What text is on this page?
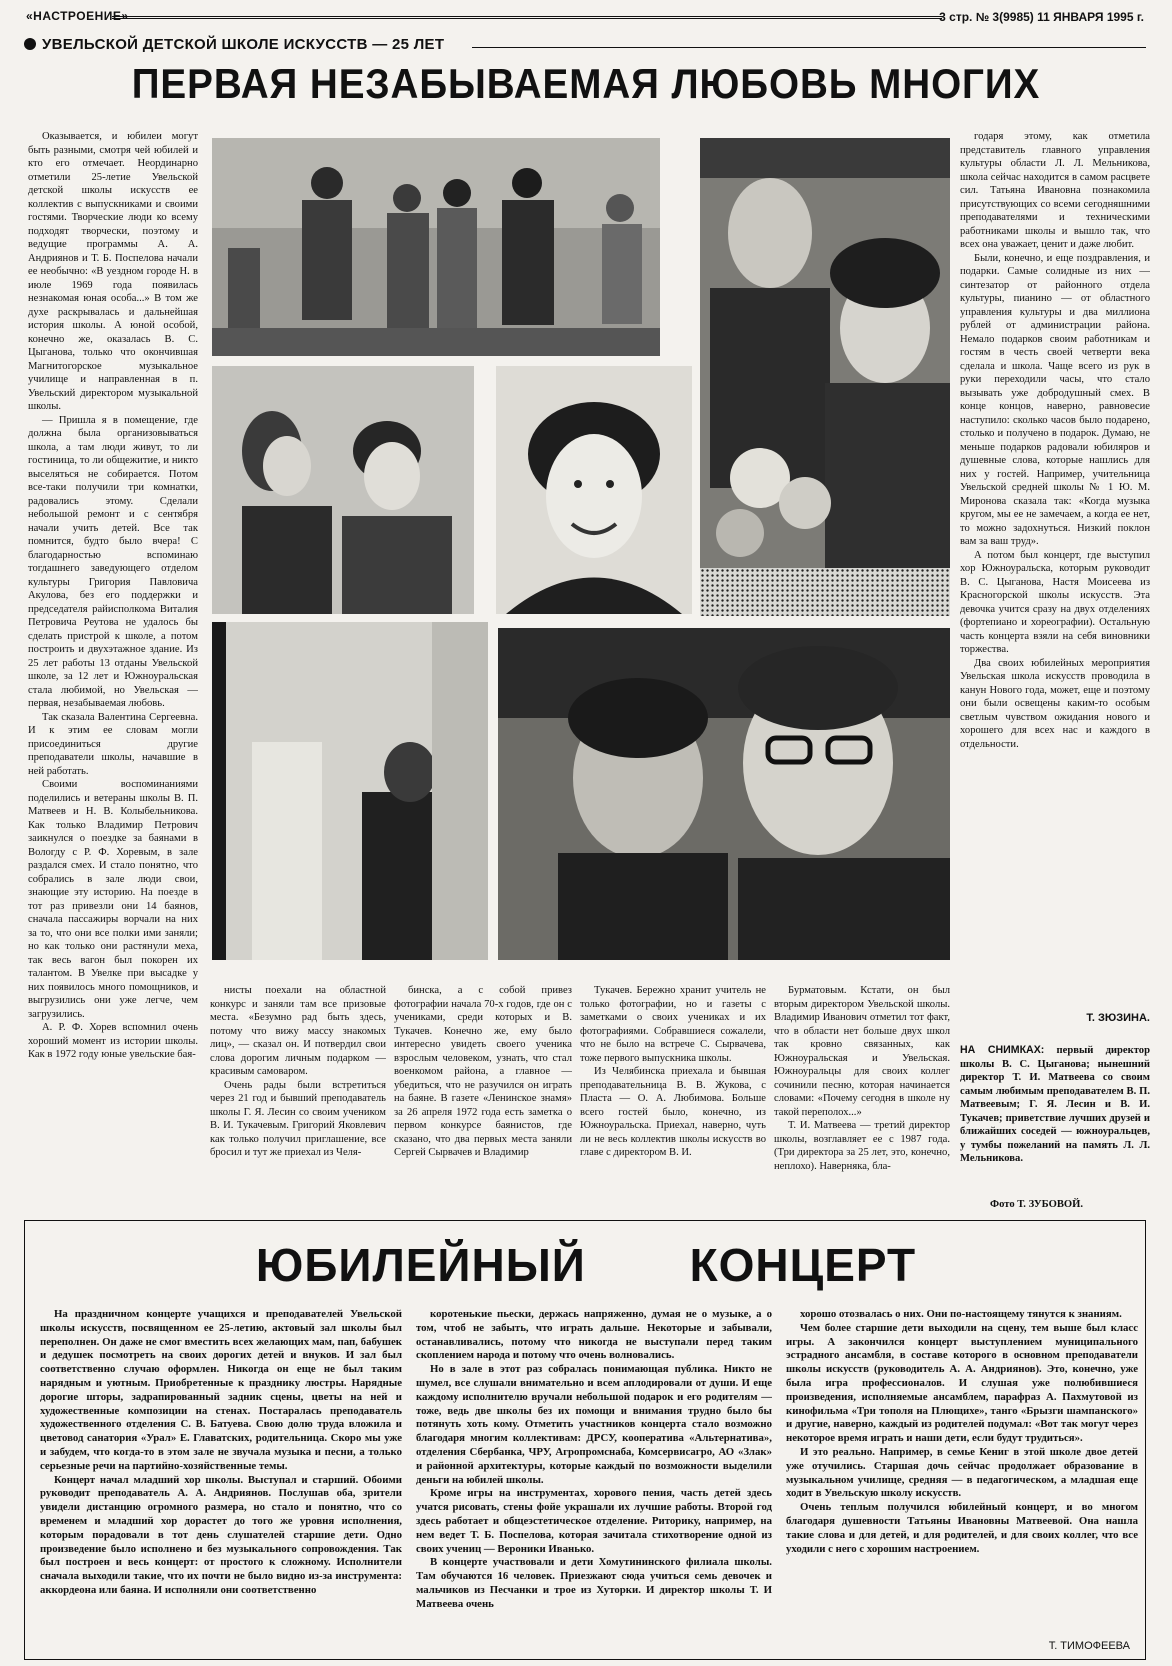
«НАСТРОЕНИЕ»	3 стр. № 3(9985) 11 ЯНВАРЯ 1995 г.
УВЕЛЬСКОЙ ДЕТСКОЙ ШКОЛЕ ИСКУССТВ — 25 ЛЕТ
ПЕРВАЯ НЕЗАБЫВАЕМАЯ ЛЮБОВЬ МНОГИХ

Оказывается, и юбилеи могут быть разными, смотря чей юбилей и кто его отмечает. Неординарно отметили 25-летие Увельской детской школы искусств ее коллектив с выпускниками и своими гостями. Творческие люди ко всему подходят творчески, поэтому и ведущие программы А. А. Андриянов и Т. Б. Поспелова начали ее необычно: «В уездном городе Н. в июле 1969 года появилась незнакомая юная особа...» В том же духе раскрывалась и дальнейшая история школы. А юной особой, конечно же, оказалась В. С. Цыганова, только что окончившая Магнитогорское музыкальное училище и направленная в п. Увельский директором музыкальной школы.

— Пришла я в помещение, где должна была организовываться школа, а там люди живут, то ли гостиница, то ли общежитие, и никто выселяться не собирается. Потом все-таки получили три комнатки, радовались этому. Сделали небольшой ремонт и с сентября начали учить детей. Все так помнится, будто было вчера! С благодарностью вспоминаю тогдашнего заведующего отделом культуры Григория Павловича Акулова, без его поддержки и председателя райисполкома Виталия Петровича Реутова не удалось бы сделать пристрой к школе, а потом построить и двухэтажное здание. Из 25 лет работы 13 отданы Увельской школе, за 12 лет и Южноуральская стала любимой, но Увельская — первая, незабываемая любовь.

Так сказала Валентина Сергеевна. И к этим ее словам могли присоединиться другие преподаватели школы, начавшие в ней работать.

Своими воспоминаниями поделились и ветераны школы В. П. Матвеев и Н. В. Колыбельникова. Как только Владимир Петрович заикнулся о поездке за баянами в Вологду с Р. Ф. Хоревым, в зале раздался смех. И стало понятно, что собрались в зале люди свои, знающие эту историю. На поезде в тот раз привезли они 14 баянов, сначала пассажиры ворчали на них за то, что они все полки ими заняли; но как только они растянули меха, так весь вагон был покорен их талантом. В Увелке при высадке у них появилось много помощников, и выгрузились они уже легче, чем загрузились.

А. Р. Ф. Хорев вспомнил очень хороший момент из истории школы. Как в 1972 году юные увельские бая-

нисты поехали на областной конкурс и заняли там все призовые места. «Безумно рад быть здесь, потому что вижу массу знакомых лиц», — сказал он. И потвердил свои слова дорогим личным подарком — красивым самоваром.

Очень рады были встретиться через 21 год и бывший преподаватель школы Г. Я. Лесин со своим учеником В. И. Тукачевым. Григорий Яковлевич как только получил приглашение, все бросил и тут же приехал из Челя-

бинска, а с собой привез фотографии начала 70-х годов, где он с учениками, среди которых и В. Тукачев. Конечно же, ему было интересно увидеть своего ученика взрослым человеком, узнать, что стал военкомом района, а главное — убедиться, что не разучился он играть на баяне. В газете «Ленинское знамя» за 26 апреля 1972 года есть заметка о первом конкурсе баянистов, где сказано, что два первых места заняли Сергей Сырвачев и Владимир

Тукачев. Бережно хранит учитель не только фотографии, но и газеты с заметками о своих учениках и их фотографиями. Собравшиеся сожалели, что не было на встрече С. Сырвачева, тоже первого выпускника школы.

Из Челябинска приехала и бывшая преподавательница В. В. Жукова, с Пласта — О. А. Любимова. Больше всего гостей было, конечно, из Южноуральска. Приехал, наверно, чуть ли не весь коллектив школы искусств во главе с директором В. И.

Бурматовым. Кстати, он был вторым директором Увельской школы. Владимир Иванович отметил тот факт, что в области нет больше двух школ так кровно связанных, как Южноуральская и Увельская. Южноуральцы для своих коллег сочинили песню, которая начинается словами: «Почему сегодня в школе ну такой переполох...»

Т. И. Матвеева — третий директор школы, возглавляет ее с 1987 года. (Три директора за 25 лет, это, конечно, неплохо). Наверняка, бла-

годаря этому, как отметила представитель главного управления культуры области Л. Л. Мельникова, школа сейчас находится в самом расцвете сил. Татьяна Ивановна познакомила присутствующих со всеми сегодняшними преподавателями и техническими работниками школы и вышло так, что всех она уважает, ценит и даже любит.

Были, конечно, и еще поздравления, и подарки. Самые солидные из них — синтезатор от районного отдела культуры, пианино — от областного управления культуры и два миллиона рублей от администрации района. Немало подарков своим работникам и гостям в честь своей четверти века сделала и школа. Чаще всего из рук в руки переходили часы, что стало вызывать уже добродушный смех. В конце концов, наверно, равновесие наступило: сколько часов было подарено, столько и получено в подарок. Думаю, не меньше подарков радовали юбиляров и душевные слова, которые нашлись для них у гостей. Например, учительница Увельской средней школы № 1 Ю. М. Миронова сказала так: «Когда музыка кругом, мы ее не замечаем, а когда ее нет, то можно задохнуться. Низкий поклон вам за ваш труд».

А потом был концерт, где выступил хор Южноуральска, которым руководит В. С. Цыганова, Настя Моисеева из Красногорской школы искусств. Эта девочка учится сразу на двух отделениях (фортепиано и хореографии). Остальную часть концерта взяли на себя виновники торжества.

Два своих юбилейных мероприятия Увельская школа искусств проводила в канун Нового года, может, еще и поэтому они были освещены каким-то особым светлым чувством ожидания нового и хорошего для всех нас и каждого в отдельности.

Т. ЗЮЗИНА.
НА СНИМКАХ: первый директор школы В. С. Цыганова; нынешний директор Т. И. Матвеева со своим самым любимым преподавателем В. П. Матвеевым; Г. Я. Лесин и В. И. Тукачев; приветствие лучших друзей и ближайших соседей — южноуральцев, у тумбы пожеланий на память Л. Л. Мельникова.
Фото Т. ЗУБОВОЙ.
ЮБИЛЕЙНЫЙ КОНЦЕРТ

На праздничном концерте учащихся и преподавателей Увельской школы искусств, посвященном ее 25-летию, актовый зал школы был переполнен. Он даже не смог вместить всех желающих мам, пап, бабушек и дедушек посмотреть на своих дорогих детей и внуков. И зал был соответственно случаю оформлен. Никогда он еще не был таким нарядным и уютным. Приобретенные к празднику люстры. Нарядные дорогие шторы, задрапированный задник сцены, цветы на ней и художественные композиции на стенах. Постаралась преподаватель художественного отделения С. В. Батуева. Свою долю труда вложила и цветовод санатория «Урал» Е. Главатских, родительница. Скоро мы уже и забудем, что когда-то в этом зале не звучала музыка и песни, а только серьезные речи на партийно-хозяйственные темы.

Концерт начал младший хор школы. Выступал и старший. Обоими руководит преподаватель А. А. Андриянов. Послушав оба, зрители увидели дистанцию огромного размера, но стало и понятно, что со временем и младший хор дорастет до того же уровня исполнения, которым порадовали в тот день слушателей старшие дети. Одно произведение было исполнено и без музыкального сопровождения. Так был построен и весь концерт: от простого к сложному. Исполнители сначала выходили такие, что их почти не было видно из-за инструмента: аккордеона или баяна. И исполняли они соответственно

коротенькие пьески, держась напряженно, думая не о музыке, а о том, чтоб не забыть, что играть дальше. Некоторые и забывали, останавливались, потому что никогда не выступали перед таким скоплением народа и потому что очень волновались.

Но в зале в этот раз собралась понимающая публика. Никто не шумел, все слушали внимательно и всем аплодировали от души. И еще каждому исполнителю вручали небольшой подарок и его родителям — тоже, ведь две школы без их помощи и внимания трудно было бы потянуть хоть кому. Отметить участников концерта стало возможно благодаря многим коллективам: ДРСУ, кооператива «Альтернатива», отделения Сбербанка, ЧРУ, Агропромснаба, Комсервисагро, АО «Злак» и районной архитектуры, которые каждый по возможности выделили деньги на юбилей школы.

Кроме игры на инструментах, хорового пения, часть детей здесь учатся рисовать, стены фойе украшали их лучшие работы. Второй год здесь работает и общеэстетическое отделение. Риторику, например, на нем ведет Т. Б. Поспелова, которая зачитала стихотворение одной из своих учениц — Вероники Иванько.

В концерте участвовали и дети Хомутининского филиала школы. Там обучаются 16 человек. Приезжают сюда учиться семь девочек и мальчиков из Песчанки и трое из Хуторки. И директор школы Т. И Матвеева очень

хорошо отозвалась о них. Они по-настоящему тянутся к знаниям.

Чем более старшие дети выходили на сцену, тем выше был класс игры. А закончился концерт выступлением муниципального эстрадного ансамбля, в составе которого в основном преподаватели школы искусств (руководитель А. А. Андриянов). Это, конечно, уже была игра профессионалов. И слушая уже полюбившиеся произведения, исполняемые ансамблем, парафраз А. Пахмутовой из кинофильма «Три тополя на Плющихе», танго «Брызги шампанского» и другие, наверно, каждый из родителей подумал: «Вот так могут через некоторое время играть и наши дети, если будут трудиться».

И это реально. Например, в семье Кениг в этой школе двое детей уже отучились. Старшая дочь сейчас продолжает образование в музыкальном училище, средняя — в педагогическом, а младшая еще ходит в Увельскую школу искусств.

Очень теплым получился юбилейный концерт, и во многом благодаря душевности Татьяны Ивановны Матвеевой. Она нашла такие слова и для детей, и для родителей, и для своих коллег, что все уходили с него с хорошим настроением.

Т. ТИМОФЕЕВА
